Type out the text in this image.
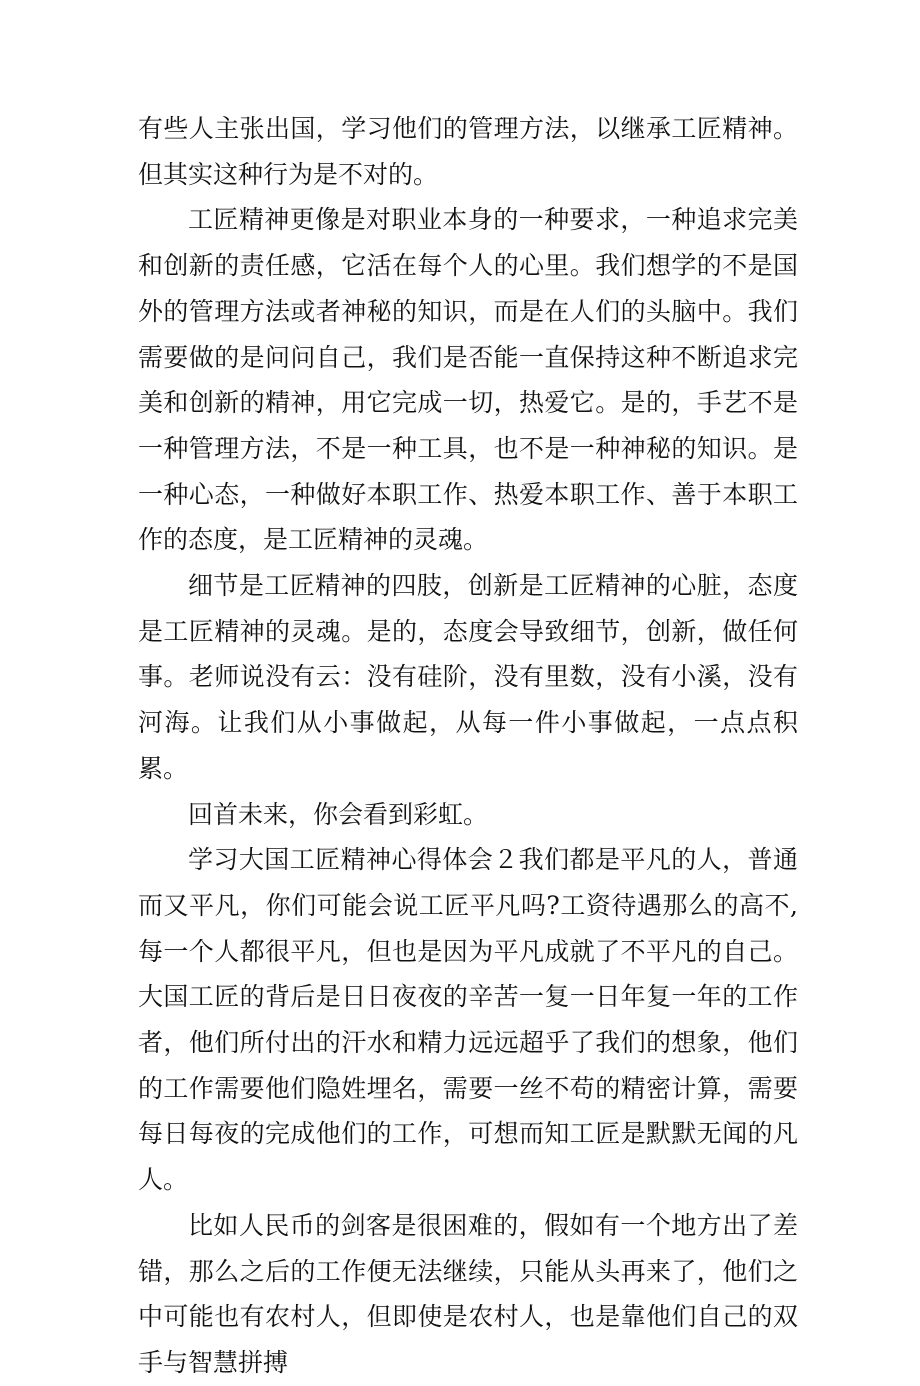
有些人主张出国，学习他们的管理方法，以继承工匠精神。但其实这种行为是不对的。

工匠精神更像是对职业本身的一种要求，一种追求完美和创新的责任感，它活在每个人的心里。我们想学的不是国外的管理方法或者神秘的知识，而是在人们的头脑中。我们需要做的是问问自己，我们是否能一直保持这种不断追求完美和创新的精神，用它完成一切，热爱它。是的，手艺不是一种管理方法，不是一种工具，也不是一种神秘的知识。是一种心态，一种做好本职工作、热爱本职工作、善于本职工作的态度，是工匠精神的灵魂。

细节是工匠精神的四肢，创新是工匠精神的心脏，态度是工匠精神的灵魂。是的，态度会导致细节，创新，做任何事。老师说没有云：没有硅阶，没有里数，没有小溪，没有河海。让我们从小事做起，从每一件小事做起，一点点积累。

回首未来，你会看到彩虹。

学习大国工匠精神心得体会２我们都是平凡的人，普通而又平凡，你们可能会说工匠平凡吗?工资待遇那么的高不,每一个人都很平凡，但也是因为平凡成就了不平凡的自己。大国工匠的背后是日日夜夜的辛苦一复一日年复一年的工作者，他们所付出的汗水和精力远远超乎了我们的想象，他们的工作需要他们隐姓埋名，需要一丝不苟的精密计算，需要每日每夜的完成他们的工作，可想而知工匠是默默无闻的凡人。

比如人民币的剑客是很困难的，假如有一个地方出了差错，那么之后的工作便无法继续，只能从头再来了，他们之中可能也有农村人，但即使是农村人，也是靠他们自己的双手与智慧拼搏
